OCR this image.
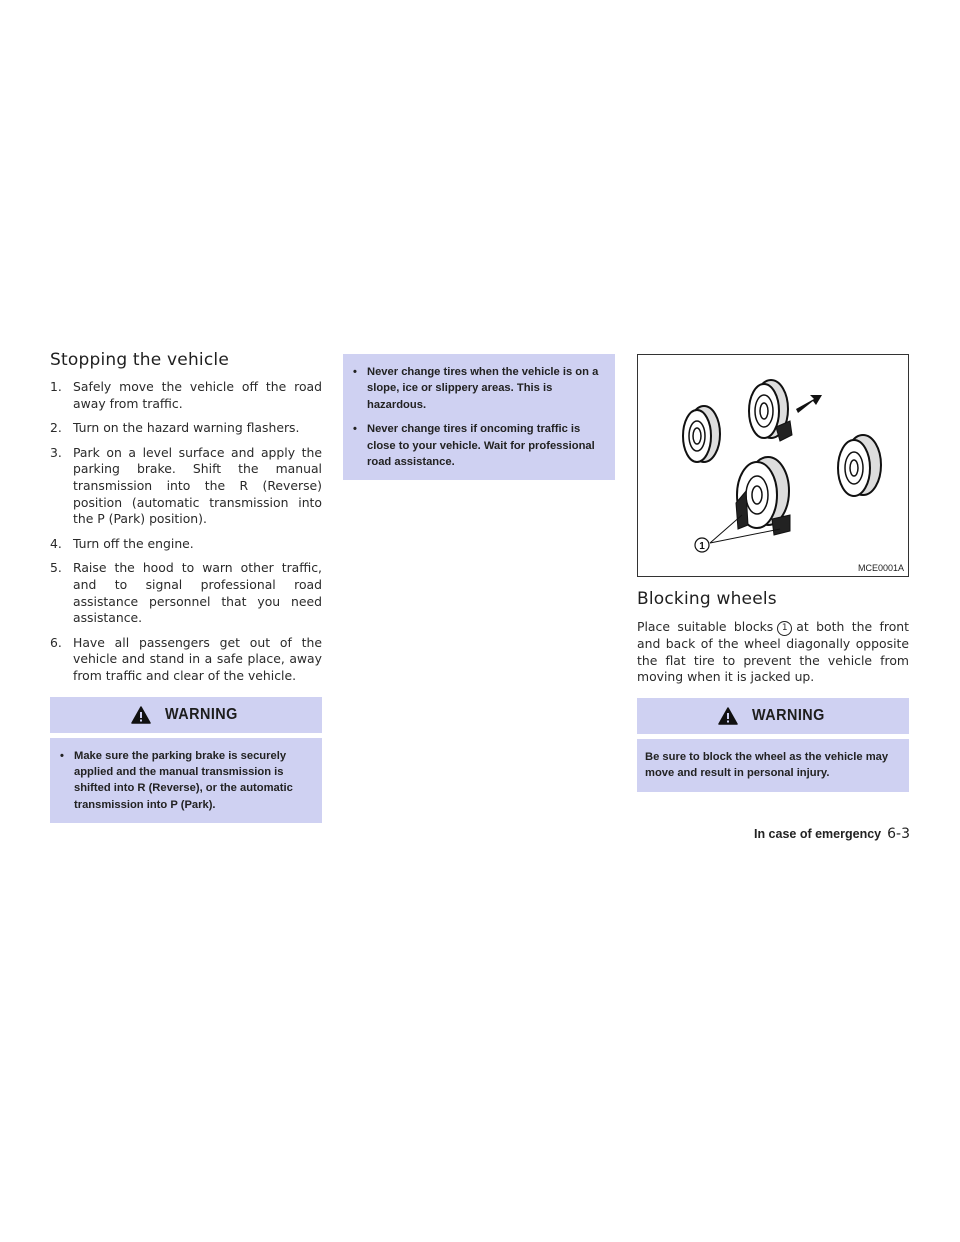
Stopping the vehicle
1. Safely move the vehicle off the road away from traffic.
2. Turn on the hazard warning flashers.
3. Park on a level surface and apply the parking brake. Shift the manual transmission into the R (Reverse) position (automatic transmission into the P (Park) position).
4. Turn off the engine.
5. Raise the hood to warn other traffic, and to signal professional road assistance personnel that you need assistance.
6. Have all passengers get out of the vehicle and stand in a safe place, away from traffic and clear of the vehicle.
WARNING
• Make sure the parking brake is securely applied and the manual transmission is shifted into R (Reverse), or the automatic transmission into P (Park).
• Never change tires when the vehicle is on a slope, ice or slippery areas. This is hazardous.
• Never change tires if oncoming traffic is close to your vehicle. Wait for professional road assistance.
1
MCE0001A
Blocking wheels

Place suitable blocks 1 at both the front and back of the wheel diagonally opposite the flat tire to prevent the vehicle from moving when it is jacked up.

WARNING
Be sure to block the wheel as the vehicle may move and result in personal injury.
In case of emergency 6-3
